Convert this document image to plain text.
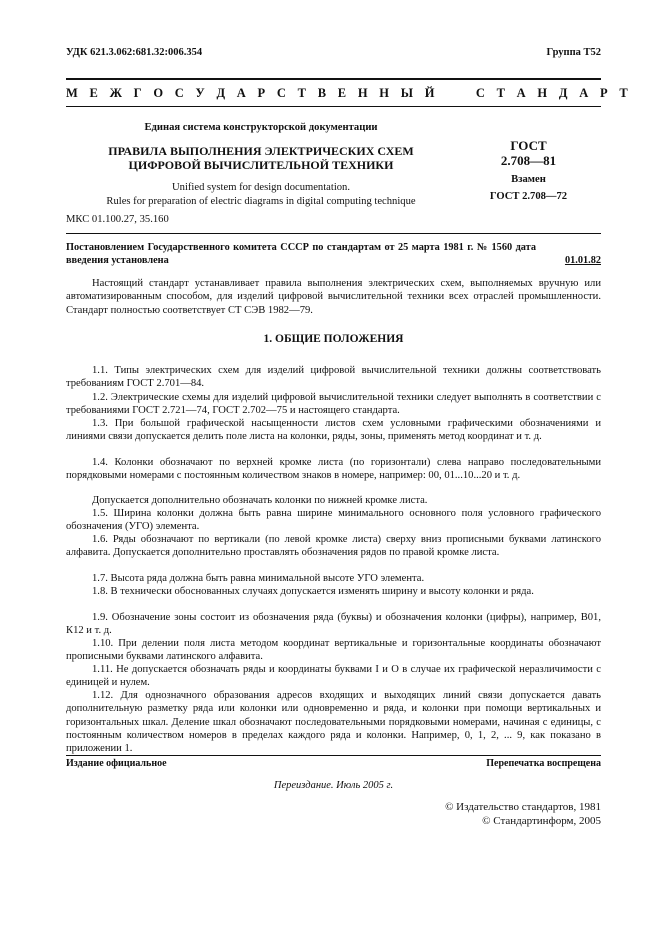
УДК 621.3.062:681.32:006.354	Группа Т52
М Е Ж Г О С У Д А Р С Т В Е Н Н Ы Й     С Т А Н Д А Р Т
Единая система конструкторской документации
ПРАВИЛА ВЫПОЛНЕНИЯ ЭЛЕКТРИЧЕСКИХ СХЕМ
ЦИФРОВОЙ ВЫЧИСЛИТЕЛЬНОЙ ТЕХНИКИ
Unified system for design documentation.
Rules for preparation of electric diagrams in digital computing technique
МКС 01.100.27, 35.160
ГОСТ
2.708—81
Взамен
ГОСТ 2.708—72
Постановлением Государственного комитета СССР по стандартам от 25 марта 1981 г. № 1560 дата введения установлена	01.01.82

Настоящий стандарт устанавливает правила выполнения электрических схем, выполняемых вручную или автоматизированным способом, для изделий цифровой вычислительной техники всех отраслей промышленности. Стандарт полностью соответствует СТ СЭВ 1982—79.

1. ОБЩИЕ ПОЛОЖЕНИЯ

1.1. Типы электрических схем для изделий цифровой вычислительной техники должны соответствовать требованиям ГОСТ 2.701—84.

1.2. Электрические схемы для изделий цифровой вычислительной техники следует выполнять в соответствии с требованиями ГОСТ 2.721—74, ГОСТ 2.702—75 и настоящего стандарта.

1.3. При большой графической насыщенности листов схем условными графическими обозначениями и линиями связи допускается делить поле листа на колонки, ряды, зоны, применять метод координат и т. д.

1.4. Колонки обозначают по верхней кромке листа (по горизонтали) слева направо последовательными порядковыми номерами с постоянным количеством знаков в номере, например: 00, 01...10...20 и т. д.

Допускается дополнительно обозначать колонки по нижней кромке листа.

1.5. Ширина колонки должна быть равна ширине минимального основного поля условного графического обозначения (УГО) элемента.

1.6. Ряды обозначают по вертикали (по левой кромке листа) сверху вниз прописными буквами латинского алфавита. Допускается дополнительно проставлять обозначения рядов по правой кромке листа.

1.7. Высота ряда должна быть равна минимальной высоте УГО элемента.

1.8. В технически обоснованных случаях допускается изменять ширину и высоту колонки и ряда.

1.9. Обозначение зоны состоит из обозначения ряда (буквы) и обозначения колонки (цифры), например, В01, К12 и т. д.

1.10. При делении поля листа методом координат вертикальные и горизонтальные координаты обозначают прописными буквами латинского алфавита.

1.11. Не допускается обозначать ряды и координаты буквами I и O в случае их графической неразличимости с единицей и нулем.

1.12. Для однозначного образования адресов входящих и выходящих линий связи допускается давать дополнительную разметку ряда или колонки или одновременно и ряда, и колонки при помощи вертикальных и горизонтальных шкал. Деление шкал обозначают последовательными порядковыми номерами, начиная с единицы, с постоянным количеством номеров в пределах каждого ряда и колонки. Например, 0, 1, 2, ... 9, как показано в приложении 1.

Издание официальное	Перепечатка воспрещена
Переиздание. Июль 2005 г.
© Издательство стандартов, 1981
© Стандартинформ, 2005
